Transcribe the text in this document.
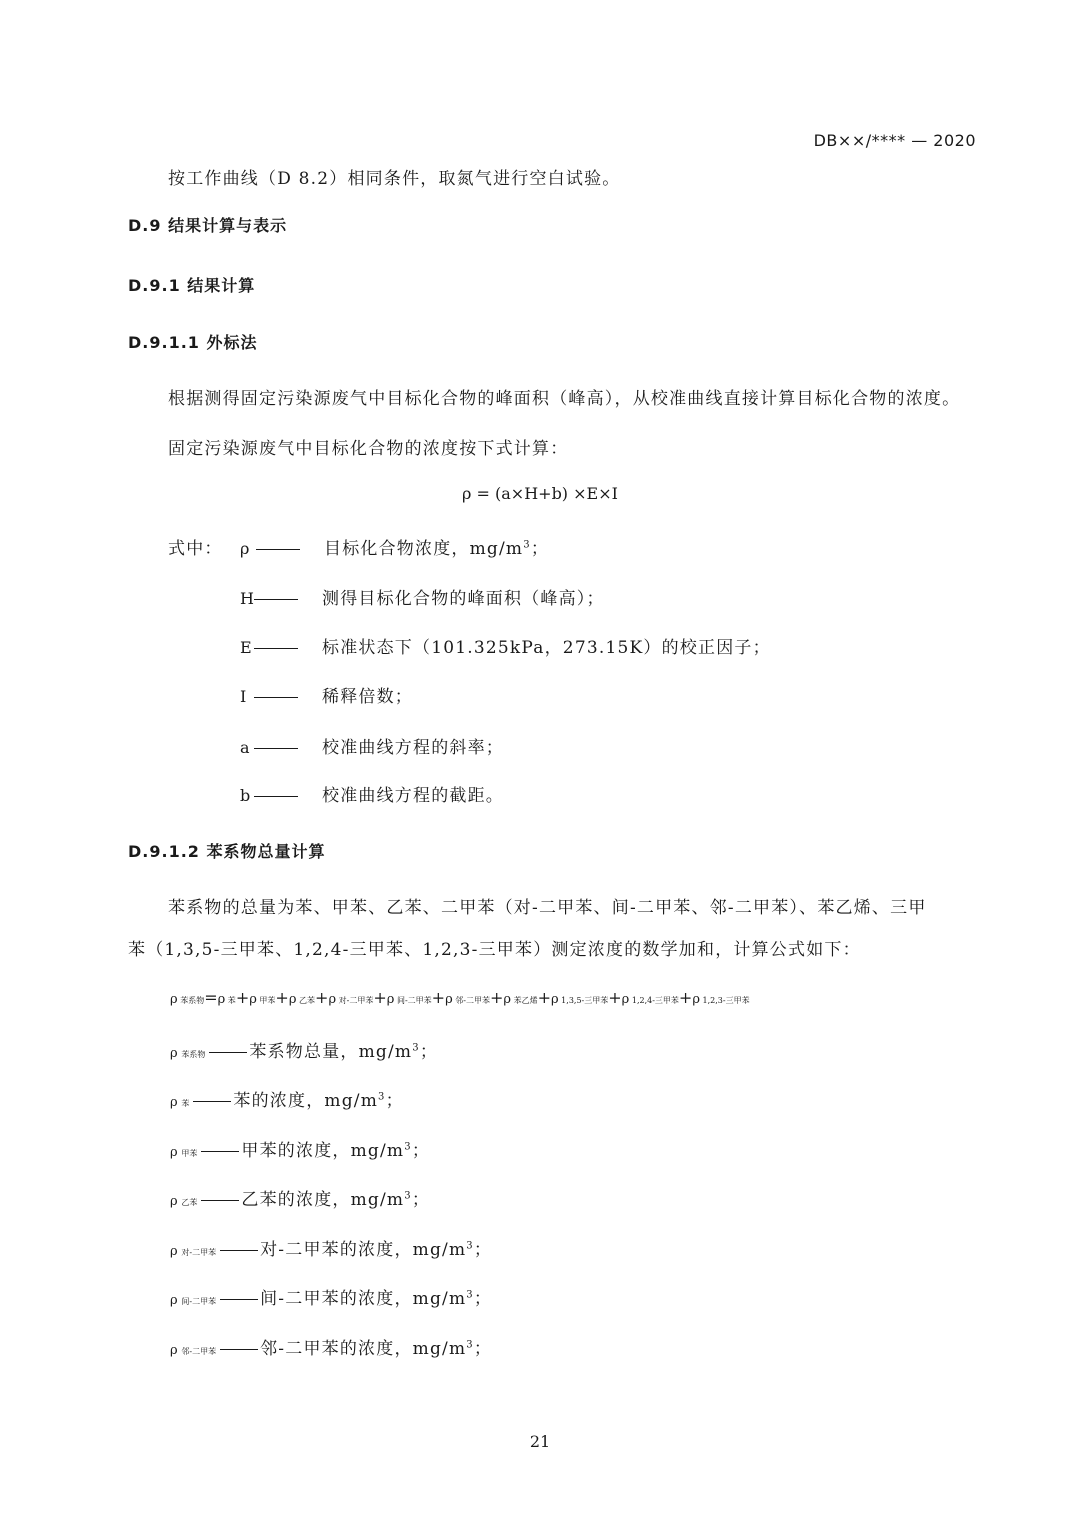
DB××/**** — 2020
按工作曲线（D 8.2）相同条件，取氮气进行空白试验。
D.9 结果计算与表示
D.9.1 结果计算
D.9.1.1 外标法
根据测得固定污染源废气中目标化合物的峰面积（峰高），从校准曲线直接计算目标化合物的浓度。
固定污染源废气中目标化合物的浓度按下式计算：
ρ = (a×H+b) ×E×I
式中： ρ	目标化合物浓度，$mg/m^3$；
H	测得目标化合物的峰面积（峰高）；
E	标准状态下（101.325kPa，273.15K）的校正因子；
I	稀释倍数；
a	校准曲线方程的斜率；
b	校准曲线方程的截距。
D.9.1.2 苯系物总量计算
苯系物的总量为苯、甲苯、乙苯、二甲苯（对-二甲苯、间-二甲苯、邻-二甲苯）、苯乙烯、三甲
苯（1,3,5-三甲苯、1,2,4-三甲苯、1,2,3-三甲苯）测定浓度的数学加和，计算公式如下：
ρ 苯系物=ρ 苯+ρ 甲苯+ρ 乙苯+ρ 对-二甲苯+ρ 间-二甲苯+ρ 邻-二甲苯+ρ 苯乙烯+ρ 1,3,5-三甲苯+ρ 1,2,4-三甲苯+ρ 1,2,3-三甲苯
ρ 苯系物	苯系物总量，$mg/m^3$；
ρ 苯	苯的浓度，$mg/m^3$；
ρ 甲苯	甲苯的浓度，$mg/m^3$；
ρ 乙苯	乙苯的浓度，$mg/m^3$；
ρ 对-二甲苯	对-二甲苯的浓度，$mg/m^3$；
ρ 间-二甲苯	间-二甲苯的浓度，$mg/m^3$；
ρ 邻-二甲苯	邻-二甲苯的浓度，$mg/m^3$；
21
